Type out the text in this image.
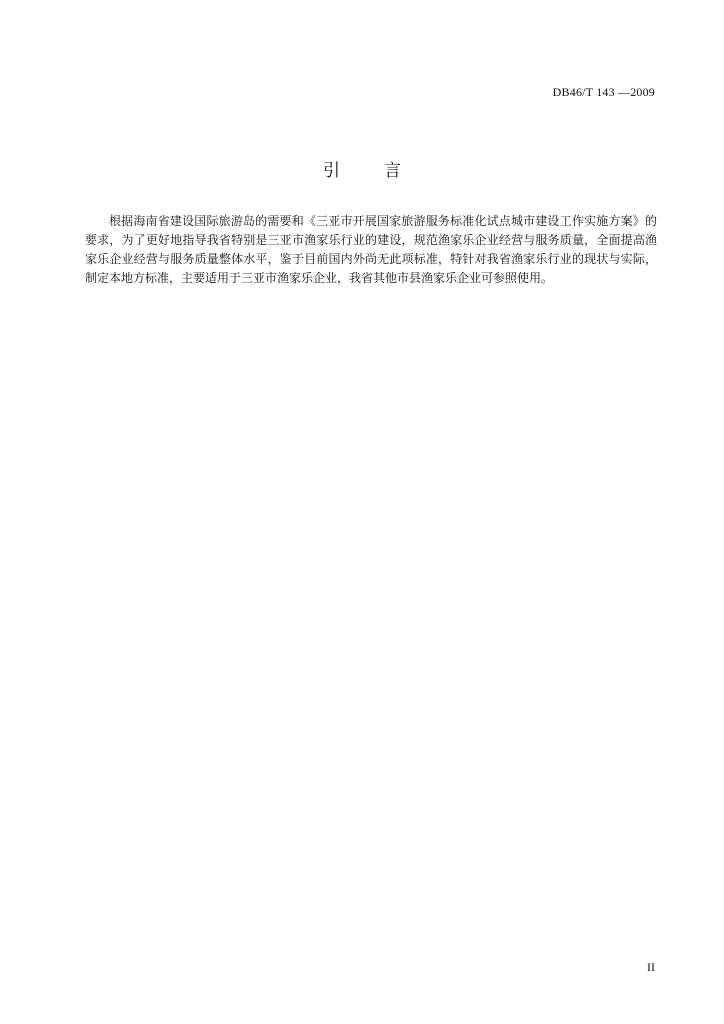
DB46/T 143 —2009
引	言

根据海南省建设国际旅游岛的需要和《三亚市开展国家旅游服务标准化试点城市建设工作实施方案》的要求，为了更好地指导我省特别是三亚市渔家乐行业的建设，规范渔家乐企业经营与服务质量，全面提高渔家乐企业经营与服务质量整体水平，鉴于目前国内外尚无此项标准，特针对我省渔家乐行业的现状与实际，制定本地方标准，主要适用于三亚市渔家乐企业，我省其他市县渔家乐企业可参照使用。

II
